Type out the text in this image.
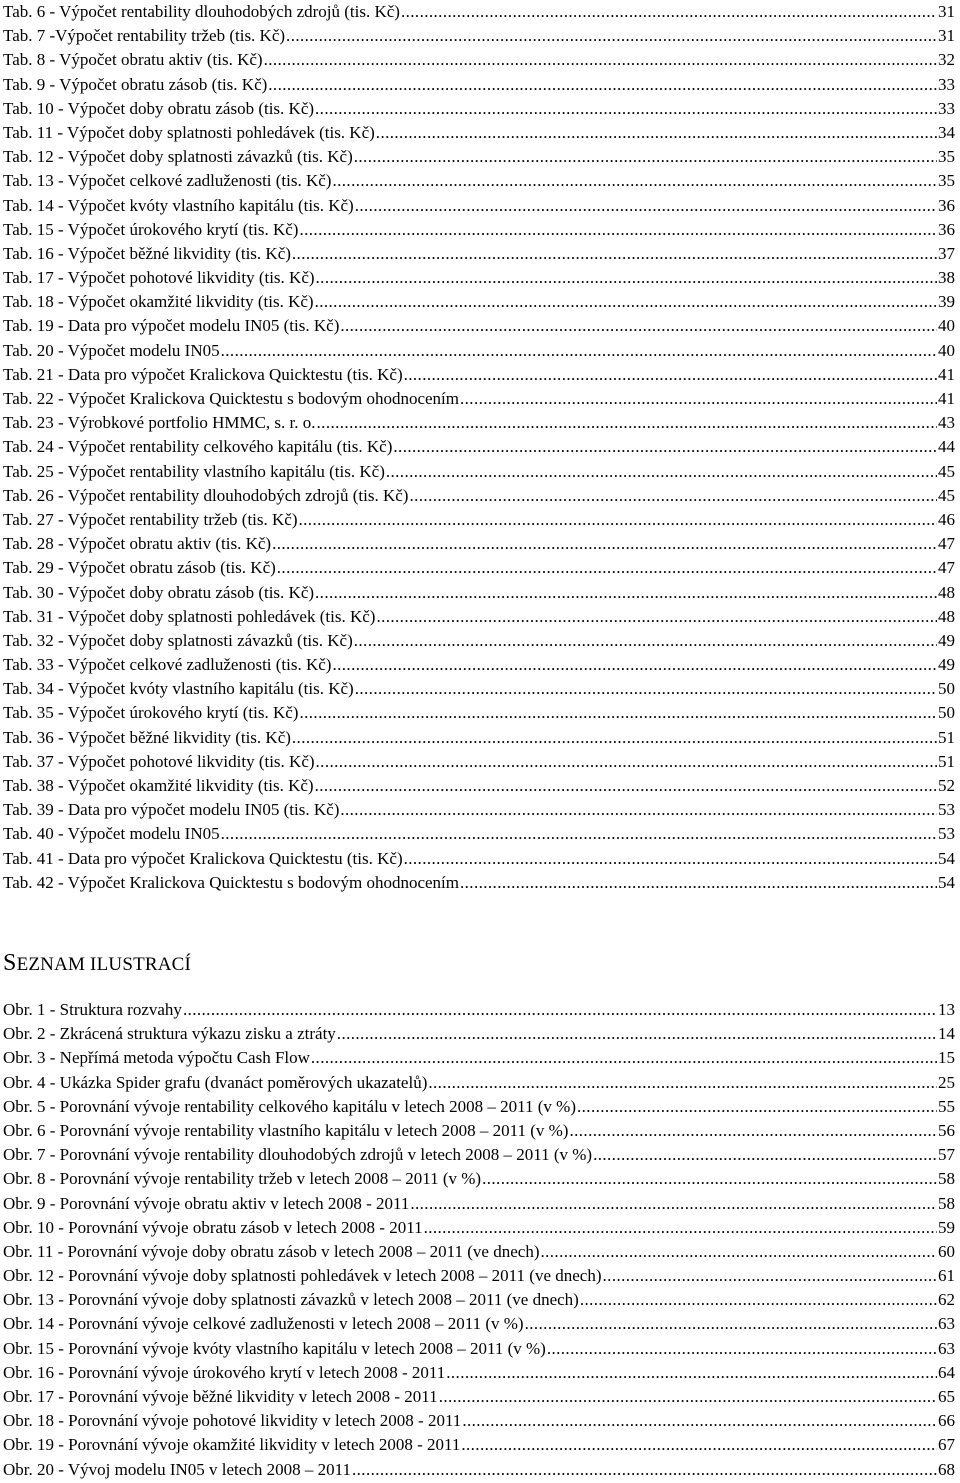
Tab. 6 - Výpočet rentability dlouhodobých zdrojů (tis. Kč) .....	31
Tab. 7 -Výpočet rentability tržeb (tis. Kč) .....	31
Tab. 8 - Výpočet obratu aktiv (tis. Kč) .....	32
Tab. 9 - Výpočet obratu zásob (tis. Kč) .....	33
Tab. 10 - Výpočet doby obratu zásob (tis. Kč) .....	33
Tab. 11 - Výpočet doby splatnosti pohledávek (tis. Kč) .....	34
Tab. 12 - Výpočet doby splatnosti závazků (tis. Kč) .....	35
Tab. 13 - Výpočet celkové zadluženosti (tis. Kč) .....	35
Tab. 14 - Výpočet kvóty vlastního kapitálu (tis. Kč) .....	36
Tab. 15 - Výpočet úrokového krytí (tis. Kč) .....	36
Tab. 16 - Výpočet běžné likvidity (tis. Kč) .....	37
Tab. 17 - Výpočet pohotové likvidity (tis. Kč) .....	38
Tab. 18 - Výpočet okamžité likvidity (tis. Kč) .....	39
Tab. 19 - Data pro výpočet modelu IN05 (tis. Kč) .....	40
Tab. 20 - Výpočet modelu IN05 .....	40
Tab. 21 - Data pro výpočet Kralickova Quicktestu (tis. Kč) .....	41
Tab. 22 - Výpočet Kralickova Quicktestu s bodovým ohodnocením .....	41
Tab. 23 - Výrobkové portfolio HMMC, s. r. o. .....	43
Tab. 24 - Výpočet rentability celkového kapitálu (tis. Kč) .....	44
Tab. 25 - Výpočet rentability vlastního kapitálu (tis. Kč) .....	45
Tab. 26 - Výpočet rentability dlouhodobých zdrojů (tis. Kč) .....	45
Tab. 27 - Výpočet rentability tržeb (tis. Kč) .....	46
Tab. 28 - Výpočet obratu aktiv (tis. Kč) .....	47
Tab. 29 - Výpočet obratu zásob (tis. Kč) .....	47
Tab. 30 - Výpočet doby obratu zásob (tis. Kč) .....	48
Tab. 31 - Výpočet doby splatnosti pohledávek (tis. Kč) .....	48
Tab. 32 - Výpočet doby splatnosti závazků (tis. Kč) .....	49
Tab. 33 - Výpočet celkové zadluženosti (tis. Kč) .....	49
Tab. 34 - Výpočet kvóty vlastního kapitálu (tis. Kč) .....	50
Tab. 35 - Výpočet úrokového krytí (tis. Kč) .....	50
Tab. 36 - Výpočet běžné likvidity (tis. Kč) .....	51
Tab. 37 - Výpočet pohotové likvidity (tis. Kč) .....	51
Tab. 38 - Výpočet okamžité likvidity (tis. Kč) .....	52
Tab. 39 - Data pro výpočet modelu IN05 (tis. Kč) .....	53
Tab. 40 - Výpočet modelu IN05 .....	53
Tab. 41 - Data pro výpočet Kralickova Quicktestu (tis. Kč) .....	54
Tab. 42 - Výpočet Kralickova Quicktestu s bodovým ohodnocením .....	54
SEZNAM ILUSTRACÍ
Obr. 1 - Struktura rozvahy .....	13
Obr. 2 - Zkrácená struktura výkazu zisku a ztráty .....	14
Obr. 3 - Nepřímá metoda výpočtu Cash Flow .....	15
Obr. 4 - Ukázka Spider grafu (dvanáct poměrových ukazatelů) .....	25
Obr. 5 - Porovnání vývoje rentability celkového kapitálu v letech 2008 – 2011 (v %) .....	55
Obr. 6 - Porovnání vývoje rentability vlastního kapitálu v letech 2008 – 2011 (v %) .....	56
Obr. 7 - Porovnání vývoje rentability dlouhodobých zdrojů v letech 2008 – 2011 (v %) .....	57
Obr. 8 - Porovnání vývoje rentability tržeb v letech 2008 – 2011 (v %) .....	58
Obr. 9 - Porovnání vývoje obratu aktiv v letech 2008 - 2011 .....	58
Obr. 10 - Porovnání vývoje obratu zásob v letech 2008 - 2011 .....	59
Obr. 11 - Porovnání vývoje doby obratu zásob v letech 2008 – 2011 (ve dnech) .....	60
Obr. 12 - Porovnání vývoje doby splatnosti pohledávek v letech 2008 – 2011 (ve dnech) .....	61
Obr. 13 - Porovnání vývoje doby splatnosti závazků v letech 2008 – 2011 (ve dnech) .....	62
Obr. 14 - Porovnání vývoje celkové zadluženosti v letech 2008 – 2011 (v %) .....	63
Obr. 15 - Porovnání vývoje kvóty vlastního kapitálu v letech 2008 – 2011 (v %) .....	63
Obr. 16 - Porovnání vývoje úrokového krytí v letech 2008 - 2011 .....	64
Obr. 17 - Porovnání vývoje běžné likvidity v letech 2008 - 2011 .....	65
Obr. 18 - Porovnání vývoje pohotové likvidity v letech 2008 - 2011 .....	66
Obr. 19 - Porovnání vývoje okamžité likvidity v letech 2008 - 2011 .....	67
Obr. 20 - Vývoj modelu IN05 v letech 2008 – 2011 .....	68
